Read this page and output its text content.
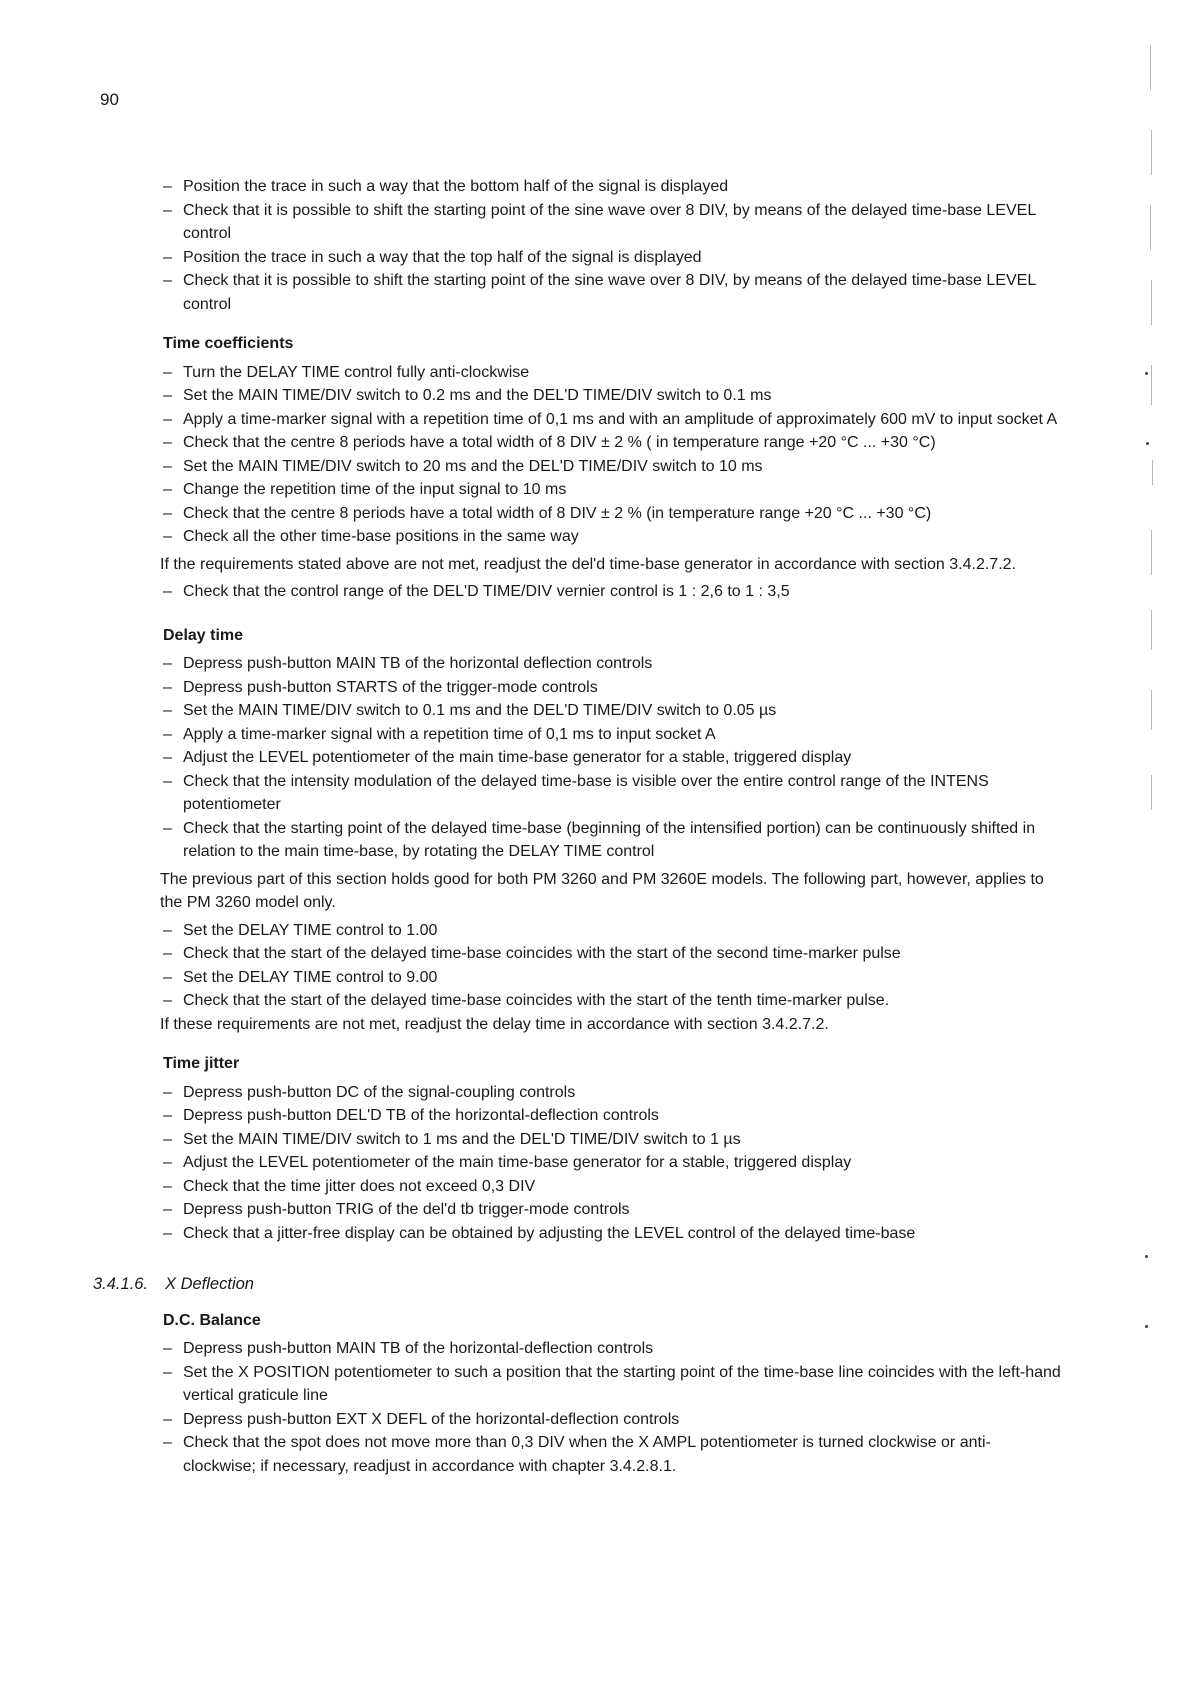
90
– Position the trace in such a way that the bottom half of the signal is displayed
– Check that it is possible to shift the starting point of the sine wave over 8 DIV, by means of the delayed time-base LEVEL control
– Position the trace in such a way that the top half of the signal is displayed
– Check that it is possible to shift the starting point of the sine wave over 8 DIV, by means of the delayed time-base LEVEL control
Time coefficients
– Turn the DELAY TIME control fully anti-clockwise
– Set the MAIN TIME/DIV switch to 0.2 ms and the DEL'D TIME/DIV switch to 0.1 ms
– Apply a time-marker signal with a repetition time of 0,1 ms and with an amplitude of approximately 600 mV to input socket A
– Check that the centre 8 periods have a total width of 8 DIV ± 2 % ( in temperature range +20 °C ... +30 °C)
– Set the MAIN TIME/DIV switch to 20 ms and the DEL'D TIME/DIV switch to 10 ms
– Change the repetition time of the input signal to 10 ms
– Check that the centre 8 periods have a total width of 8 DIV ± 2 % (in temperature range +20 °C ... +30 °C)
– Check all the other time-base positions in the same way
If the requirements stated above are not met, readjust the del'd time-base generator in accordance with section 3.4.2.7.2.
– Check that the control range of the DEL'D TIME/DIV vernier control is 1 : 2,6 to 1 : 3,5
Delay time
– Depress push-button MAIN TB of the horizontal deflection controls
– Depress push-button STARTS of the trigger-mode controls
– Set the MAIN TIME/DIV switch to 0.1 ms and the DEL'D TIME/DIV switch to 0.05 µs
– Apply a time-marker signal with a repetition time of 0,1 ms to input socket A
– Adjust the LEVEL potentiometer of the main time-base generator for a stable, triggered display
– Check that the intensity modulation of the delayed time-base is visible over the entire control range of the INTENS potentiometer
– Check that the starting point of the delayed time-base (beginning of the intensified portion) can be continuously shifted in relation to the main time-base, by rotating the DELAY TIME control
The previous part of this section holds good for both PM 3260 and PM 3260E models. The following part, however, applies to the PM 3260 model only.
– Set the DELAY TIME control to 1.00
– Check that the start of the delayed time-base coincides with the start of the second time-marker pulse
– Set the DELAY TIME control to 9.00
– Check that the start of the delayed time-base coincides with the start of the tenth time-marker pulse.
If these requirements are not met, readjust the delay time in accordance with section 3.4.2.7.2.
Time jitter
– Depress push-button DC of the signal-coupling controls
– Depress push-button DEL'D TB of the horizontal-deflection controls
– Set the MAIN TIME/DIV switch to 1 ms and the DEL'D TIME/DIV switch to 1 µs
– Adjust the LEVEL potentiometer of the main time-base generator for a stable, triggered display
– Check that the time jitter does not exceed 0,3 DIV
– Depress push-button TRIG of the del'd tb trigger-mode controls
– Check that a jitter-free display can be obtained by adjusting the LEVEL control of the delayed time-base
3.4.1.6. X Deflection
D.C. Balance
– Depress push-button MAIN TB of the horizontal-deflection controls
– Set the X POSITION potentiometer to such a position that the starting point of the time-base line coincides with the left-hand vertical graticule line
– Depress push-button EXT X DEFL of the horizontal-deflection controls
– Check that the spot does not move more than 0,3 DIV when the X AMPL potentiometer is turned clockwise or anti-clockwise; if necessary, readjust in accordance with chapter 3.4.2.8.1.
